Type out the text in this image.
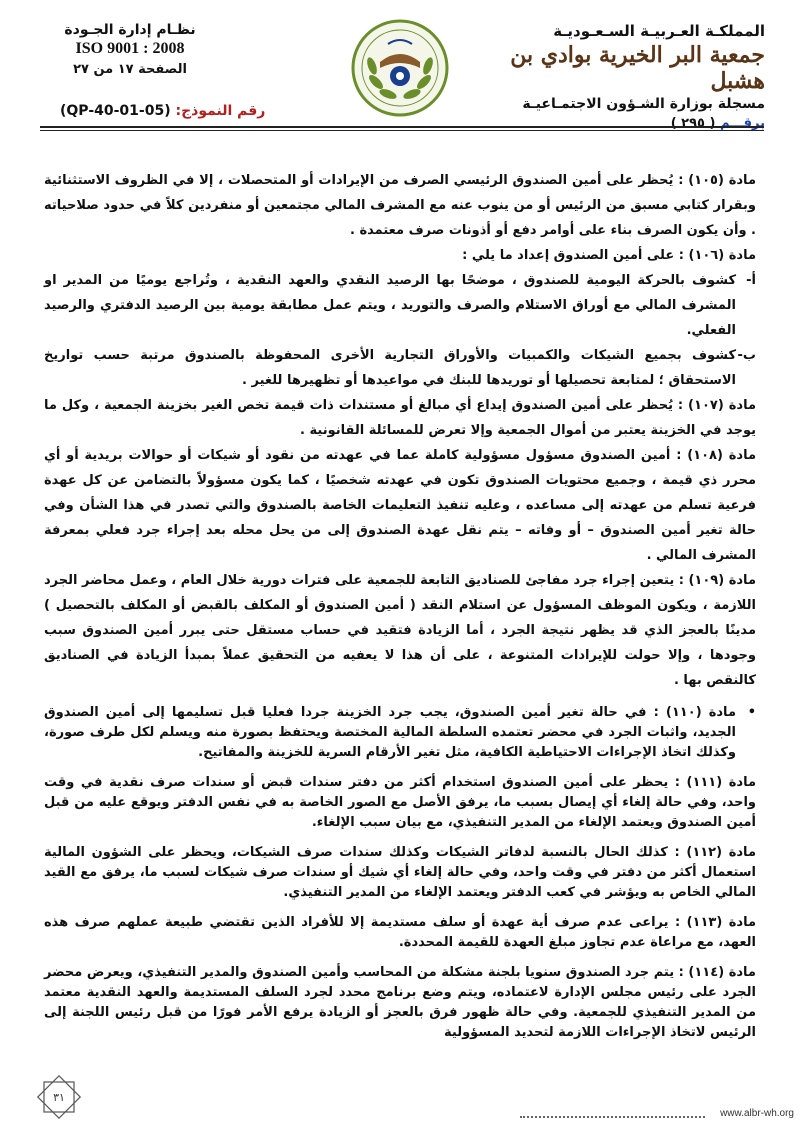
المملكـة العـربيـة السـعـوديـة
جمعية البر الخيرية بوادي بن هشبل
مسجلة بوزارة الشـؤون الاجتمـاعيـة
برقـــم ( ٢٩٥ )
نظـام إدارة الجـودة
ISO 9001 : 2008
الصفحة ١٧ من ٢٧
رقم النموذج: (QP-40-01-05)

مادة (١٠٥) : يُحظر على أمين الصندوق الرئيسي الصرف من الإيرادات أو المتحصلات ، إلا في الظروف الاستثنائية وبقرار كتابي مسبق من الرئيس أو من ينوب عنه مع المشرف المالي مجتمعين أو منفردين كلاً في حدود صلاحياته . وأن يكون الصرف بناء على أوامر دفع أو أذونات صرف معتمدة .

مادة (١٠٦) : على أمين الصندوق إعداد ما يلي :

أ-
كشوف بالحركة اليومية للصندوق ، موضحًا بها الرصيد النقدي والعهد النقدية ، وتُراجع يوميًا من المدير او المشرف المالي مع أوراق الاستلام والصرف والتوريد ، ويتم عمل مطابقة يومية بين الرصيد الدفتري والرصيد الفعلي.

ب-
كشوف بجميع الشيكات والكمبيات والأوراق التجارية الأخرى المحفوظة بالصندوق مرتبة حسب تواريخ الاستحقاق ؛ لمتابعة تحصيلها أو توريدها للبنك في مواعيدها أو تظهيرها للغير .

مادة (١٠٧) : يُحظر على أمين الصندوق إيداع أي مبالغ أو مستندات ذات قيمة تخص الغير بخزينة الجمعية ، وكل ما يوجد في الخزينة يعتبر من أموال الجمعية وإلا تعرض للمسائلة القانونية .

مادة (١٠٨) : أمين الصندوق مسؤول مسؤولية كاملة عما في عهدته من نقود أو شيكات أو حوالات بريدية أو أي محرر ذي قيمة ، وجميع محتويات الصندوق تكون في عهدته شخصيًا ، كما يكون مسؤولاً بالتضامن عن كل عهدة فرعية تسلم من عهدته إلى مساعده ، وعليه تنفيذ التعليمات الخاصة بالصندوق والتي تصدر في هذا الشأن وفي حالة تغير أمين الصندوق – أو وفاته – يتم نقل عهدة الصندوق إلى من يحل محله بعد إجراء جرد فعلي بمعرفة المشرف المالي .

مادة (١٠٩) : يتعين إجراء جرد مفاجئ للصناديق التابعة للجمعية على فترات دورية خلال العام ، وعمل محاضر الجرد اللازمة ، ويكون الموظف المسؤول عن استلام النقد ( أمين الصندوق أو المكلف بالقبض أو المكلف بالتحصيل ) مدينًا بالعجز الذي قد يظهر نتيجة الجرد ، أما الزيادة فتقيد في حساب مستقل حتى يبرر أمين الصندوق سبب وجودها ، وإلا حولت للإيرادات المتنوعة ، على أن هذا لا يعفيه من التحقيق عملاً بمبدأ الزيادة في الصناديق كالنقص بها .

•
مادة (١١٠) : في حالة تغير أمين الصندوق، يجب جرد الخزينة جردا فعليا قبل تسليمها إلى أمين الصندوق الجديد، واثبات الجرد في محضر تعتمده السلطة المالية المختصة ويحتفظ بصورة منه ويسلم لكل طرف صورة، وكذلك اتخاذ الإجراءات الاحتياطية الكافية، مثل تغير الأرقام السرية للخزينة والمفاتيح.

مادة (١١١) : يحظر على أمين الصندوق استخدام أكثر من دفتر سندات قبض أو سندات صرف نقدية في وقت واحد، وفي حالة إلغاء أي إيصال بسبب ما، يرفق الأصل مع الصور الخاصة به في نفس الدفتر ويوقع عليه من قبل أمين الصندوق ويعتمد الإلغاء من المدير التنفيذي، مع بيان سبب الإلغاء.

مادة (١١٢) : كذلك الحال بالنسبة لدفاتر الشيكات وكذلك سندات صرف الشيكات، ويحظر على الشؤون المالية استعمال أكثر من دفتر في وقت واحد، وفي حالة إلغاء أي شيك أو سندات صرف شيكات لسبب ما، يرفق مع القيد المالي الخاص به ويؤشر في كعب الدفتر ويعتمد الإلغاء من المدير التنفيذي.

مادة (١١٣) : يراعى عدم صرف أية عهدة أو سلف مستديمة إلا للأفراد الذين تقتضي طبيعة عملهم صرف هذه العهد، مع مراعاة عدم تجاوز مبلغ العهدة للقيمة المحددة.

مادة (١١٤) : يتم جرد الصندوق سنويا بلجنة مشكلة من المحاسب وأمين الصندوق والمدير التنفيذي، ويعرض محضر الجرد على رئيس مجلس الإدارة لاعتماده، ويتم وضع برنامج محدد لجرد السلف المستديمة والعهد النقدية معتمد من المدير التنفيذي للجمعية. وفي حالة ظهور فرق بالعجز أو الزيادة يرفع الأمر فورًا من قبل رئيس اللجنة إلى الرئيس لاتخاذ الإجراءات اللازمة لتحديد المسؤولية

٣١
www.albr-wh.org
